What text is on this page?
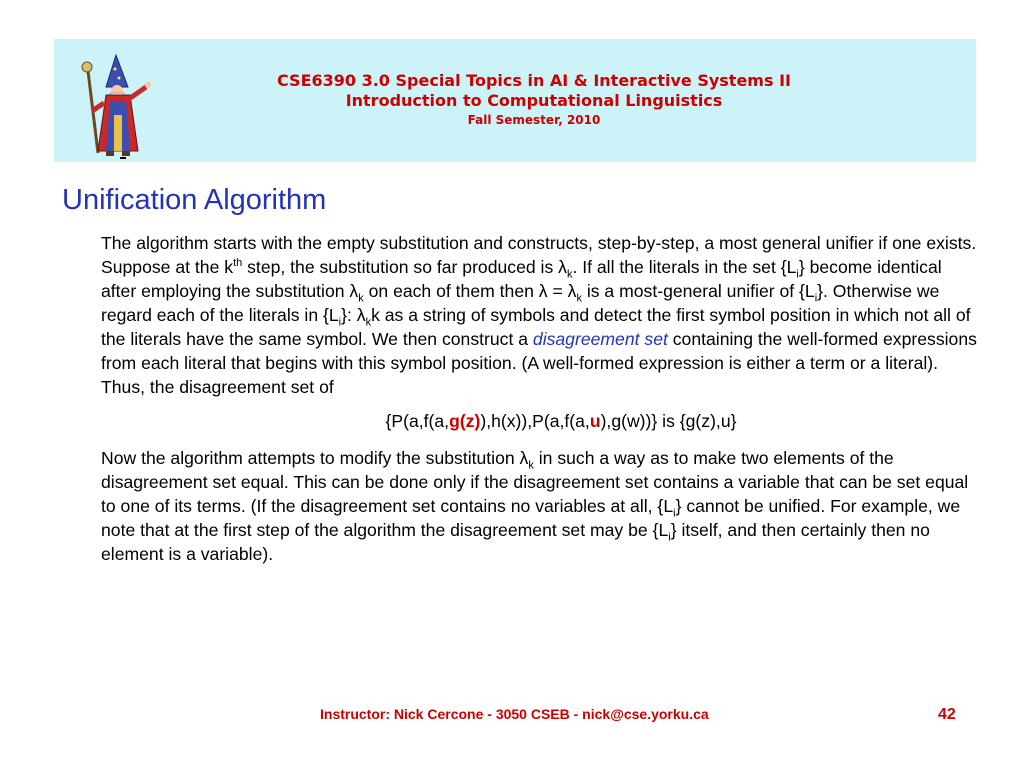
CSE6390 3.0 Special Topics in AI & Interactive Systems II
Introduction to Computational Linguistics
Fall Semester, 2010
Unification Algorithm

The algorithm starts with the empty substitution and constructs, step-by-step, a most general unifier if one exists. Suppose at the $k^{th}$ step, the substitution so far produced is $\lambda_k$. If all the literals in the set $\{L_i\}$ become identical after employing the substitution $\lambda_k$ on each of them then $\lambda = \lambda_k$ is a most-general unifier of $\{L_i\}$. Otherwise we regard each of the literals in $\{L_i\}$: $\lambda_kk$ as a string of symbols and detect the first symbol position in which not all of the literals have the same symbol. We then construct a disagreement set containing the well-formed expressions from each literal that begins with this symbol position. (A well-formed expression is either a term or a literal). Thus, the disagreement set of

{P(a,f(a,g(z)),h(x)),P(a,f(a,u),g(w))} is {g(z),u}

Now the algorithm attempts to modify the substitution $\lambda_k$ in such a way as to make two elements of the disagreement set equal. This can be done only if the disagreement set contains a variable that can be set equal to one of its terms. (If the disagreement set contains no variables at all, $\{L_i\}$ cannot be unified. For example, we note that at the first step of the algorithm the disagreement set may be $\{L_i\}$ itself, and then certainly then no element is a variable).

Instructor: Nick Cercone - 3050 CSEB - nick@cse.yorku.ca	42
